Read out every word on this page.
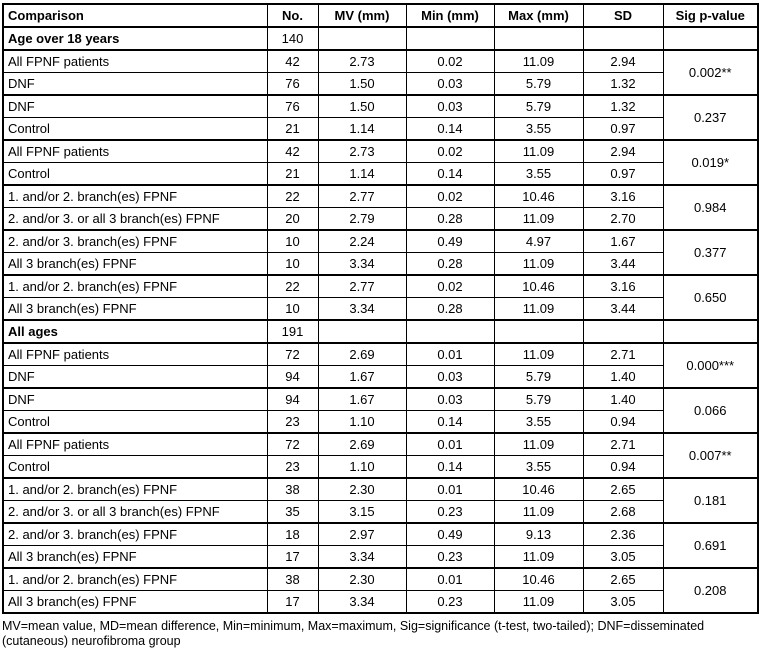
Comparison	No.	MV (mm)	Min (mm)	Max (mm)	SD	Sig p-value
Age over 18 years	140					
All FPNF patients	42	2.73	0.02	11.09	2.94	0.002**
DNF	76	1.50	0.03	5.79	1.32	
DNF	76	1.50	0.03	5.79	1.32	0.237
Control	21	1.14	0.14	3.55	0.97	
All FPNF patients	42	2.73	0.02	11.09	2.94	0.019*
Control	21	1.14	0.14	3.55	0.97	
1. and/or 2. branch(es) FPNF	22	2.77	0.02	10.46	3.16	0.984
2. and/or 3. or all 3 branch(es) FPNF	20	2.79	0.28	11.09	2.70	
2. and/or 3. branch(es) FPNF	10	2.24	0.49	4.97	1.67	0.377
All 3 branch(es) FPNF	10	3.34	0.28	11.09	3.44	
1. and/or 2. branch(es) FPNF	22	2.77	0.02	10.46	3.16	0.650
All 3 branch(es) FPNF	10	3.34	0.28	11.09	3.44	
All ages	191					
All FPNF patients	72	2.69	0.01	11.09	2.71	0.000***
DNF	94	1.67	0.03	5.79	1.40	
DNF	94	1.67	0.03	5.79	1.40	0.066
Control	23	1.10	0.14	3.55	0.94	
All FPNF patients	72	2.69	0.01	11.09	2.71	0.007**
Control	23	1.10	0.14	3.55	0.94	
1. and/or 2. branch(es) FPNF	38	2.30	0.01	10.46	2.65	0.181
2. and/or 3. or all 3 branch(es) FPNF	35	3.15	0.23	11.09	2.68	
2. and/or 3. branch(es) FPNF	18	2.97	0.49	9.13	2.36	0.691
All 3 branch(es) FPNF	17	3.34	0.23	11.09	3.05	
1. and/or 2. branch(es) FPNF	38	2.30	0.01	10.46	2.65	0.208
All 3 branch(es) FPNF	17	3.34	0.23	11.09	3.05	
MV=mean value, MD=mean difference, Min=minimum, Max=maximum, Sig=significance (t-test, two-tailed); DNF=disseminated (cutaneous) neurofibroma group
